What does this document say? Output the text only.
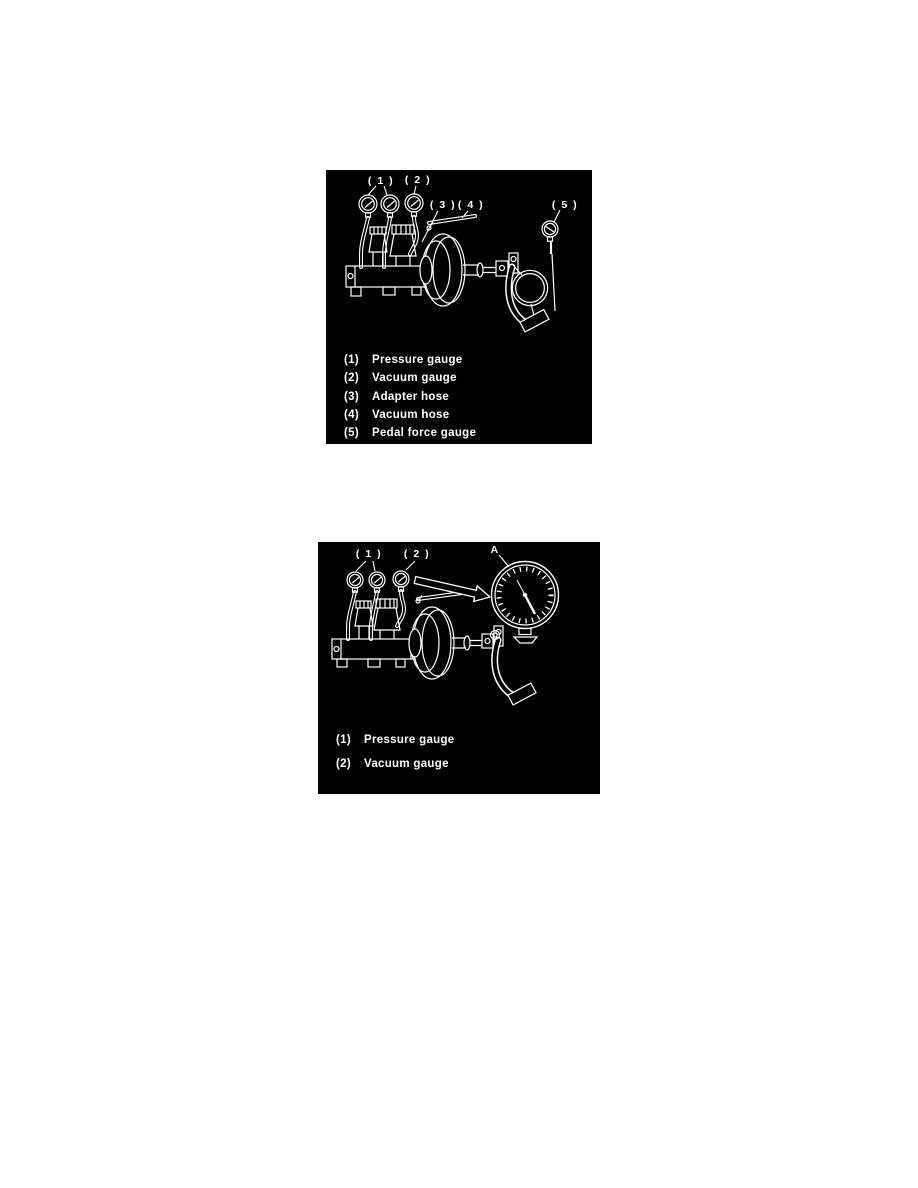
( 1 ) ( 2 )
( 3 ) ( 4 )	( 5 )
(1)	Pressure gauge
(2)	Vacuum gauge
(3)	Adapter hose
(4)	Vacuum hose
(5)	Pedal force gauge
( 1 ) ( 2 )	A
(1)	Pressure gauge
(2)	Vacuum gauge
